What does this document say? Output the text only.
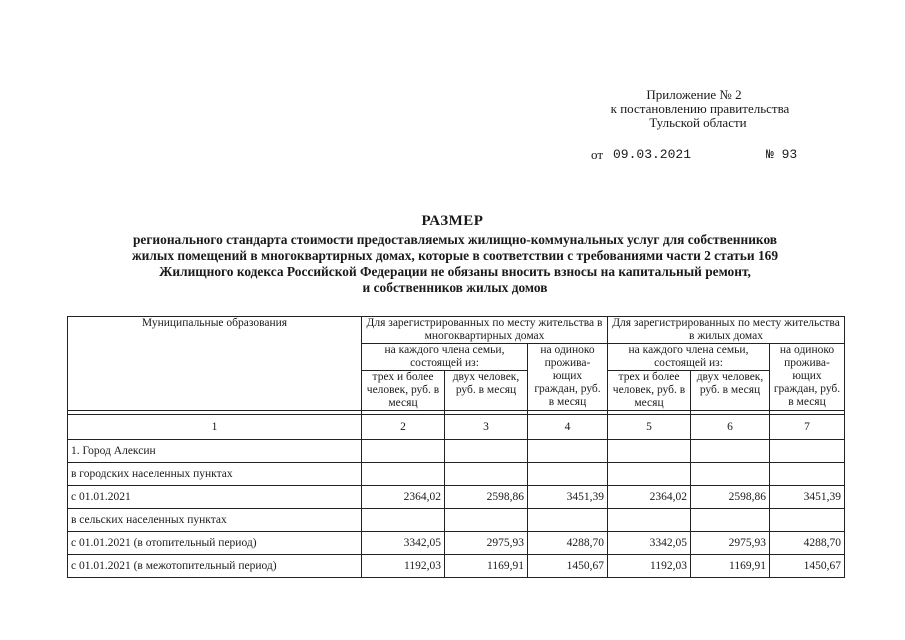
Приложение № 2
к постановлению правительства
Тульской области
от 09.03.2021	№ 93
РАЗМЕР
регионального стандарта стоимости предоставляемых жилищно-коммунальных услуг для собственников
жилых помещений в многоквартирных домах, которые в соответствии с требованиями части 2 статьи 169
Жилищного кодекса Российской Федерации не обязаны вносить взносы на капитальный ремонт,
и собственников жилых домов
Муниципальные образования	Для зарегистрированных по месту жительства в многоквартирных домах			Для зарегистрированных по месту жительства в жилых домах		
	на каждого члена семьи, состоящей из:		на одиноко прожива-ющих граждан, руб. в месяц	на каждого члена семьи, состоящей из:		на одиноко прожива-ющих граждан, руб. в месяц
	трех и более человек, руб. в месяц	двух человек, руб. в месяц		трех и более человек, руб. в месяц	двух человек, руб. в месяц	

1	2	3	4	5	6	7
1. Город Алексин						
в городских населенных пунктах						
с 01.01.2021	2364,02	2598,86	3451,39	2364,02	2598,86	3451,39
в сельских населенных пунктах						
с 01.01.2021 (в отопительный период)	3342,05	2975,93	4288,70	3342,05	2975,93	4288,70
с 01.01.2021 (в межотопительный период)	1192,03	1169,91	1450,67	1192,03	1169,91	1450,67
